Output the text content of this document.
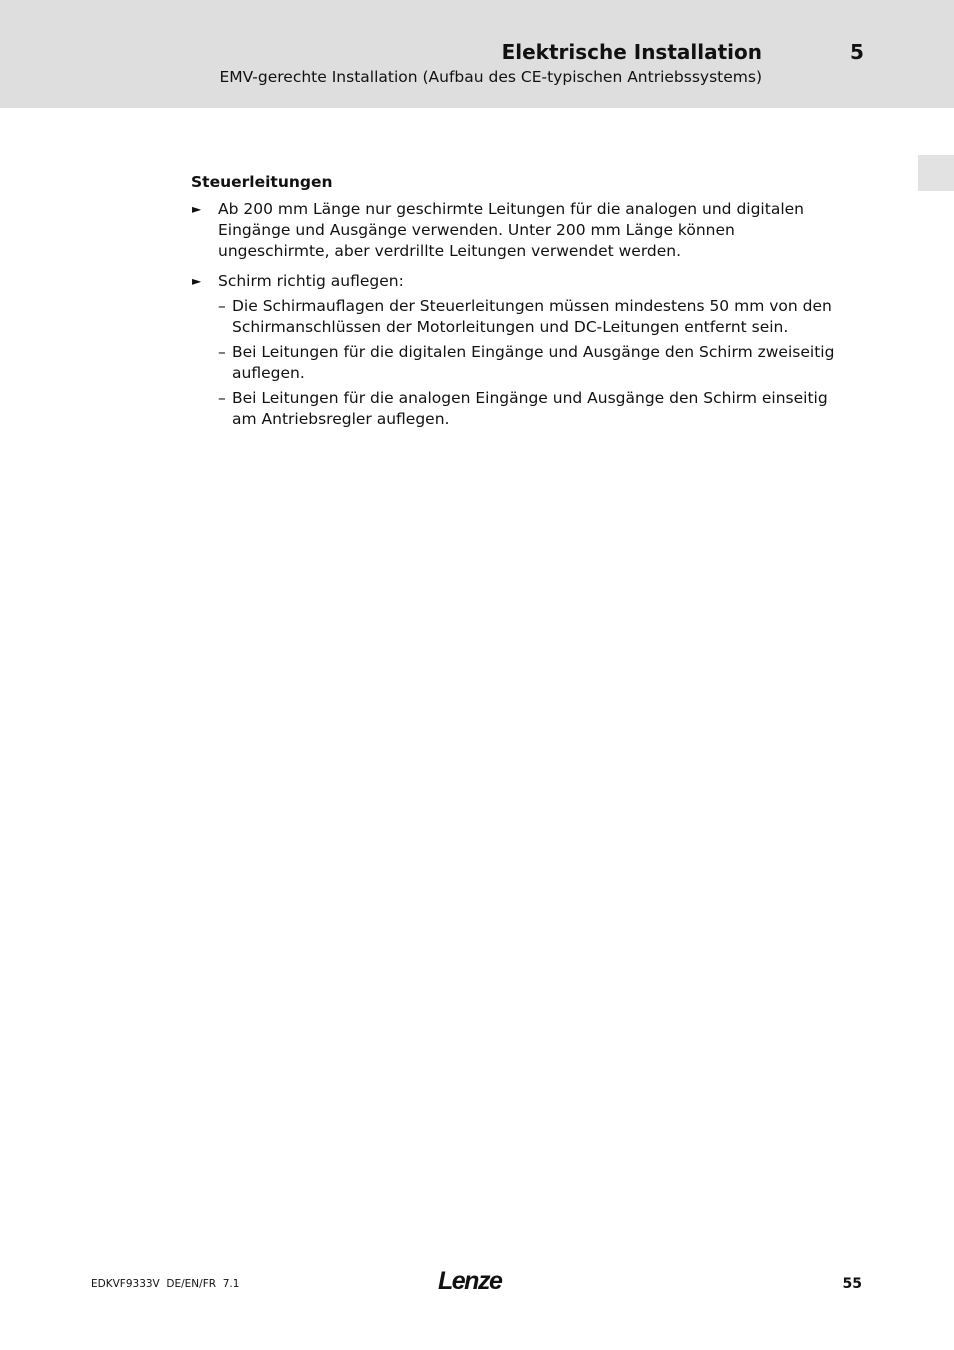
Elektrische Installation	5
EMV-gerechte Installation (Aufbau des CE-typischen Antriebssystems)
Steuerleitungen
► Ab 200 mm Länge nur geschirmte Leitungen für die analogen und digitalen Eingänge und Ausgänge verwenden. Unter 200 mm Länge können ungeschirmte, aber verdrillte Leitungen verwendet werden.
► Schirm richtig auflegen:
– Die Schirmauflagen der Steuerleitungen müssen mindestens 50 mm von den Schirmanschlüssen der Motorleitungen und DC-Leitungen entfernt sein.
– Bei Leitungen für die digitalen Eingänge und Ausgänge den Schirm zweiseitig auflegen.
– Bei Leitungen für die analogen Eingänge und Ausgänge den Schirm einseitig am Antriebsregler auflegen.
EDKVF9333V  DE/EN/FR  7.1	Lenze	55
